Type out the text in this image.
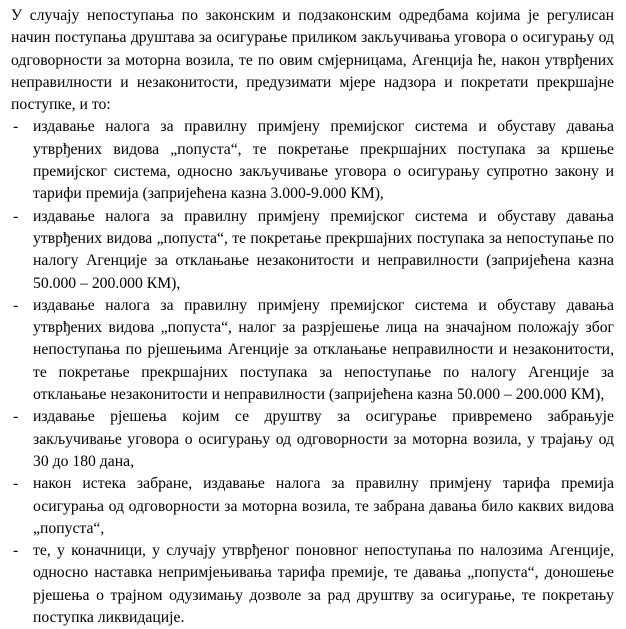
У случају непоступања по законским и подзаконским одредбама којима је регулисан начин поступања друштава за осигурање приликом закључивања уговора о осигурању од одговорности за моторна возила, те по овим смјерницама, Агенција ће, након утврђених неправилности и незаконитости, предузимати мјере надзора и покретати прекршајне поступке, и то:

- издавање налога за правилну примјену премијског система и обуставу давања утврђених видова „попуста“, те покретање прекршајних поступака за кршење премијског система, односно закључивање уговора о осигурању супротно закону и тарифи премија (запријећена казна 3.000-9.000 КМ),
- издавање налога за правилну примјену премијског система и обуставу давања утврђених видова „попуста“, те покретање прекршајних поступака за непоступање по налогу Агенције за отклањање незаконитости и неправилности (запријећена казна 50.000 – 200.000 КМ),
- издавање налога за правилну примјену премијског система и обуставу давања утврђених видова „попуста“, налог за разрјешење лица на значајном положају због непоступања по рјешењима Агенције за отклањање неправилности и незаконитости, те покретање прекршајних поступака за непоступање по налогу Агенције за отклањање незаконитости и неправилности (запријећена казна 50.000 – 200.000 КМ),
- издавање рјешења којим се друштву за осигурање привремено забрањује закључивање уговора о осигурању од одговорности за моторна возила, у трајању од 30 до 180 дана,
- након истека забране, издавање налога за правилну примјену тарифа премија осигурања од одговорности за моторна возила, те забрана давања било каквих видова „попуста“,
- те, у коначници, у случају утврђеног поновног непоступања по налозима Агенције, односно наставка непримјењивања тарифа премије, те давања „попуста“, доношење рјешења о трајном одузимању дозволе за рад друштву за осигурање, те покретању поступка ликвидације.
